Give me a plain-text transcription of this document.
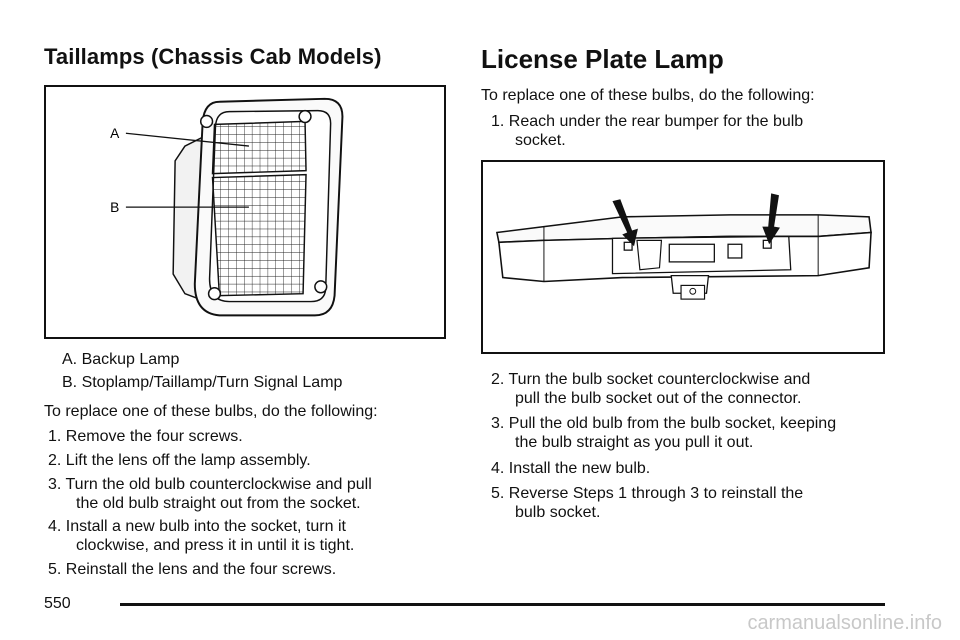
Taillamps (Chassis Cab Models)
A
B
A. Backup Lamp
B. Stoplamp/Taillamp/Turn Signal Lamp
To replace one of these bulbs, do the following:
1. Remove the four screws.
2. Lift the lens off the lamp assembly.
3. Turn the old bulb counterclockwise and pull
the old bulb straight out from the socket.
4. Install a new bulb into the socket, turn it
clockwise, and press it in until it is tight.
5. Reinstall the lens and the four screws.
License Plate Lamp
To replace one of these bulbs, do the following:
1. Reach under the rear bumper for the bulb
socket.
2. Turn the bulb socket counterclockwise and
pull the bulb socket out of the connector.
3. Pull the old bulb from the bulb socket, keeping
the bulb straight as you pull it out.
4. Install the new bulb.
5. Reverse Steps 1 through 3 to reinstall the
bulb socket.
550
carmanualsonline.info
